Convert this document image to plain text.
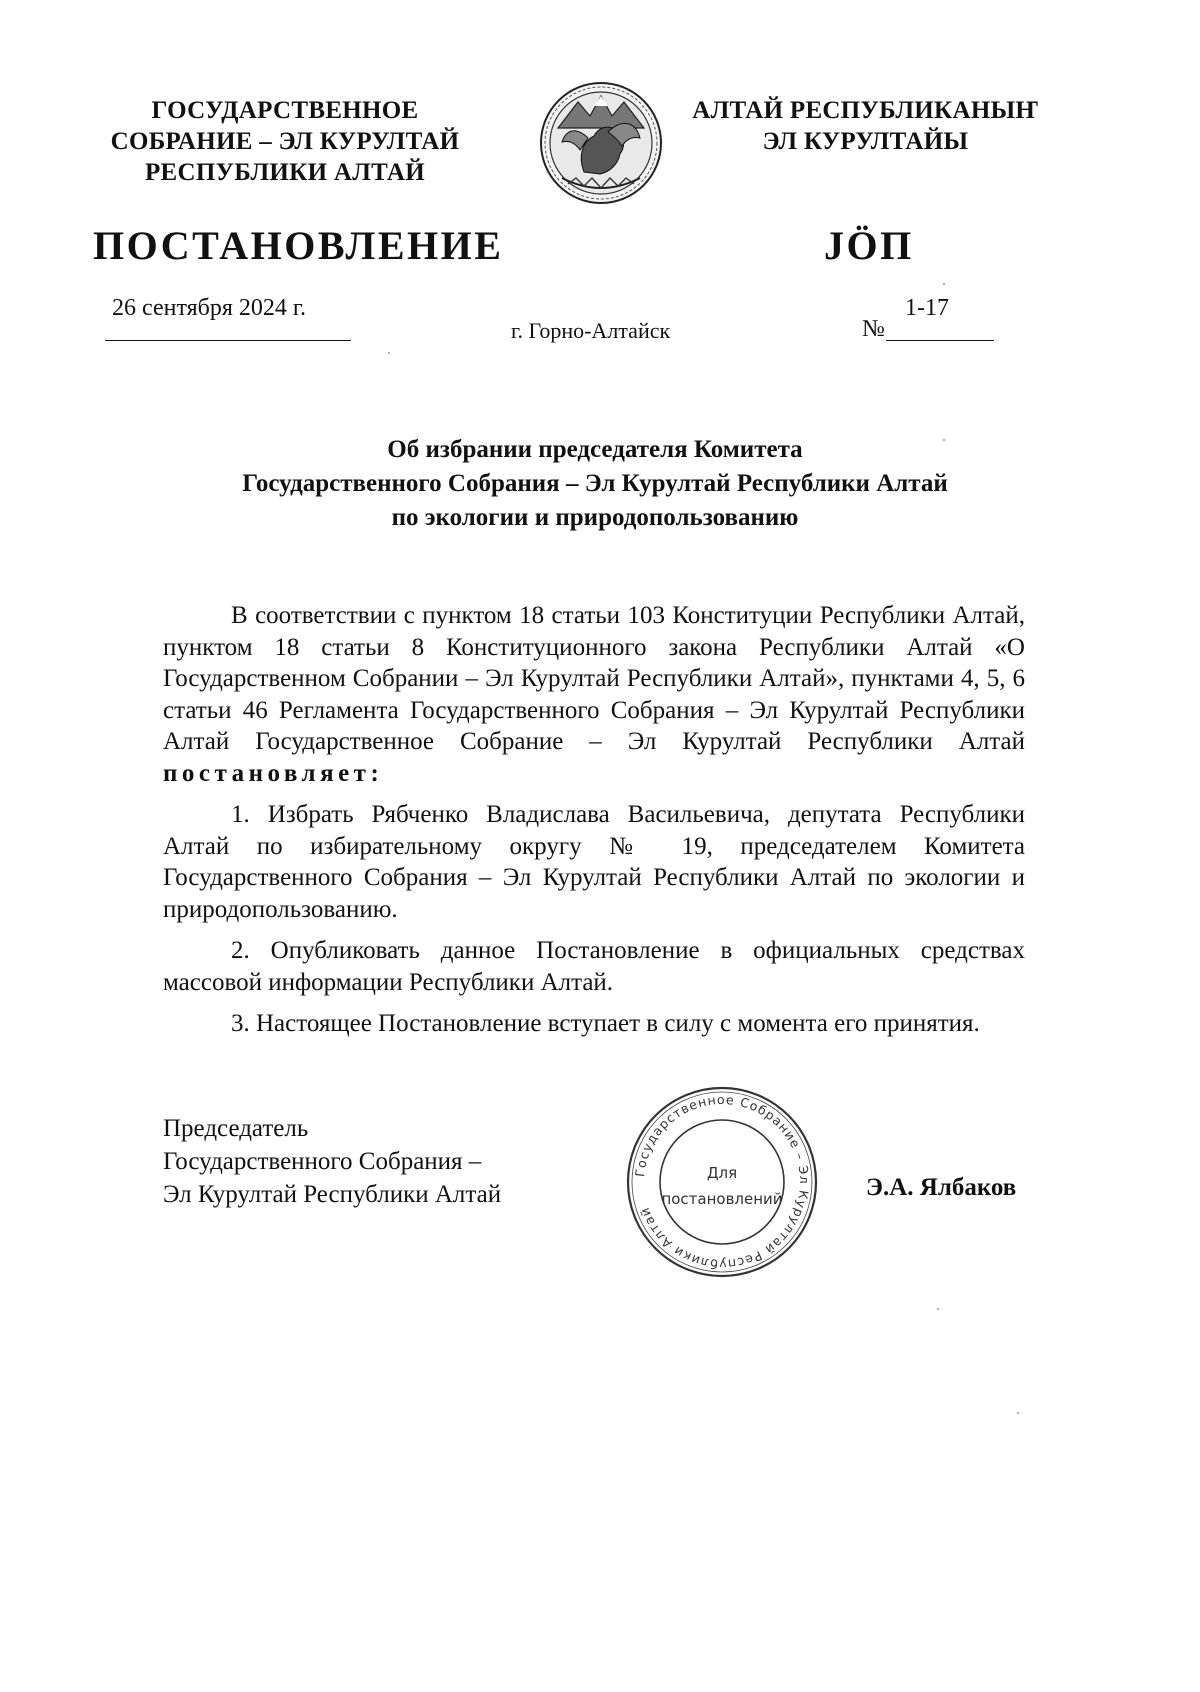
ГОСУДАРСТВЕННОЕ
СОБРАНИЕ – ЭЛ КУРУЛТАЙ
РЕСПУБЛИКИ АЛТАЙ
АЛТАЙ РЕСПУБЛИКАНЫҤ
ЭЛ КУРУЛТАЙЫ
ПОСТАНОВЛЕНИЕ	JÖП
26 сентября 2024 г.
г. Горно-Алтайск	№
1-17
Об избрании председателя Комитета
Государственного Собрания – Эл Курултай Республики Алтай
по экологии и природопользованию

В соответствии с пунктом 18 статьи 103 Конституции Республики Алтай, пунктом 18 статьи 8 Конституционного закона Республики Алтай «О Государственном Собрании – Эл Курултай Республики Алтай», пунктами 4, 5, 6 статьи 46 Регламента Государственного Собрания – Эл Курултай Республики Алтай Государственное Собрание – Эл Курултай Республики Алтай постановляет:

1. Избрать Рябченко Владислава Васильевича, депутата Республики Алтай по избирательному округу № 19, председателем Комитета Государственного Собрания – Эл Курултай Республики Алтай по экологии и природопользованию.

2. Опубликовать данное Постановление в официальных средствах массовой информации Республики Алтай.

3. Настоящее Постановление вступает в силу с момента его принятия.

Председатель
Государственного Собрания –
Эл Курултай Республики Алтай
Государственное Собрание – Эл Курултай Республики Алтай
Для
постановлений	Э.А. Ялбаков
